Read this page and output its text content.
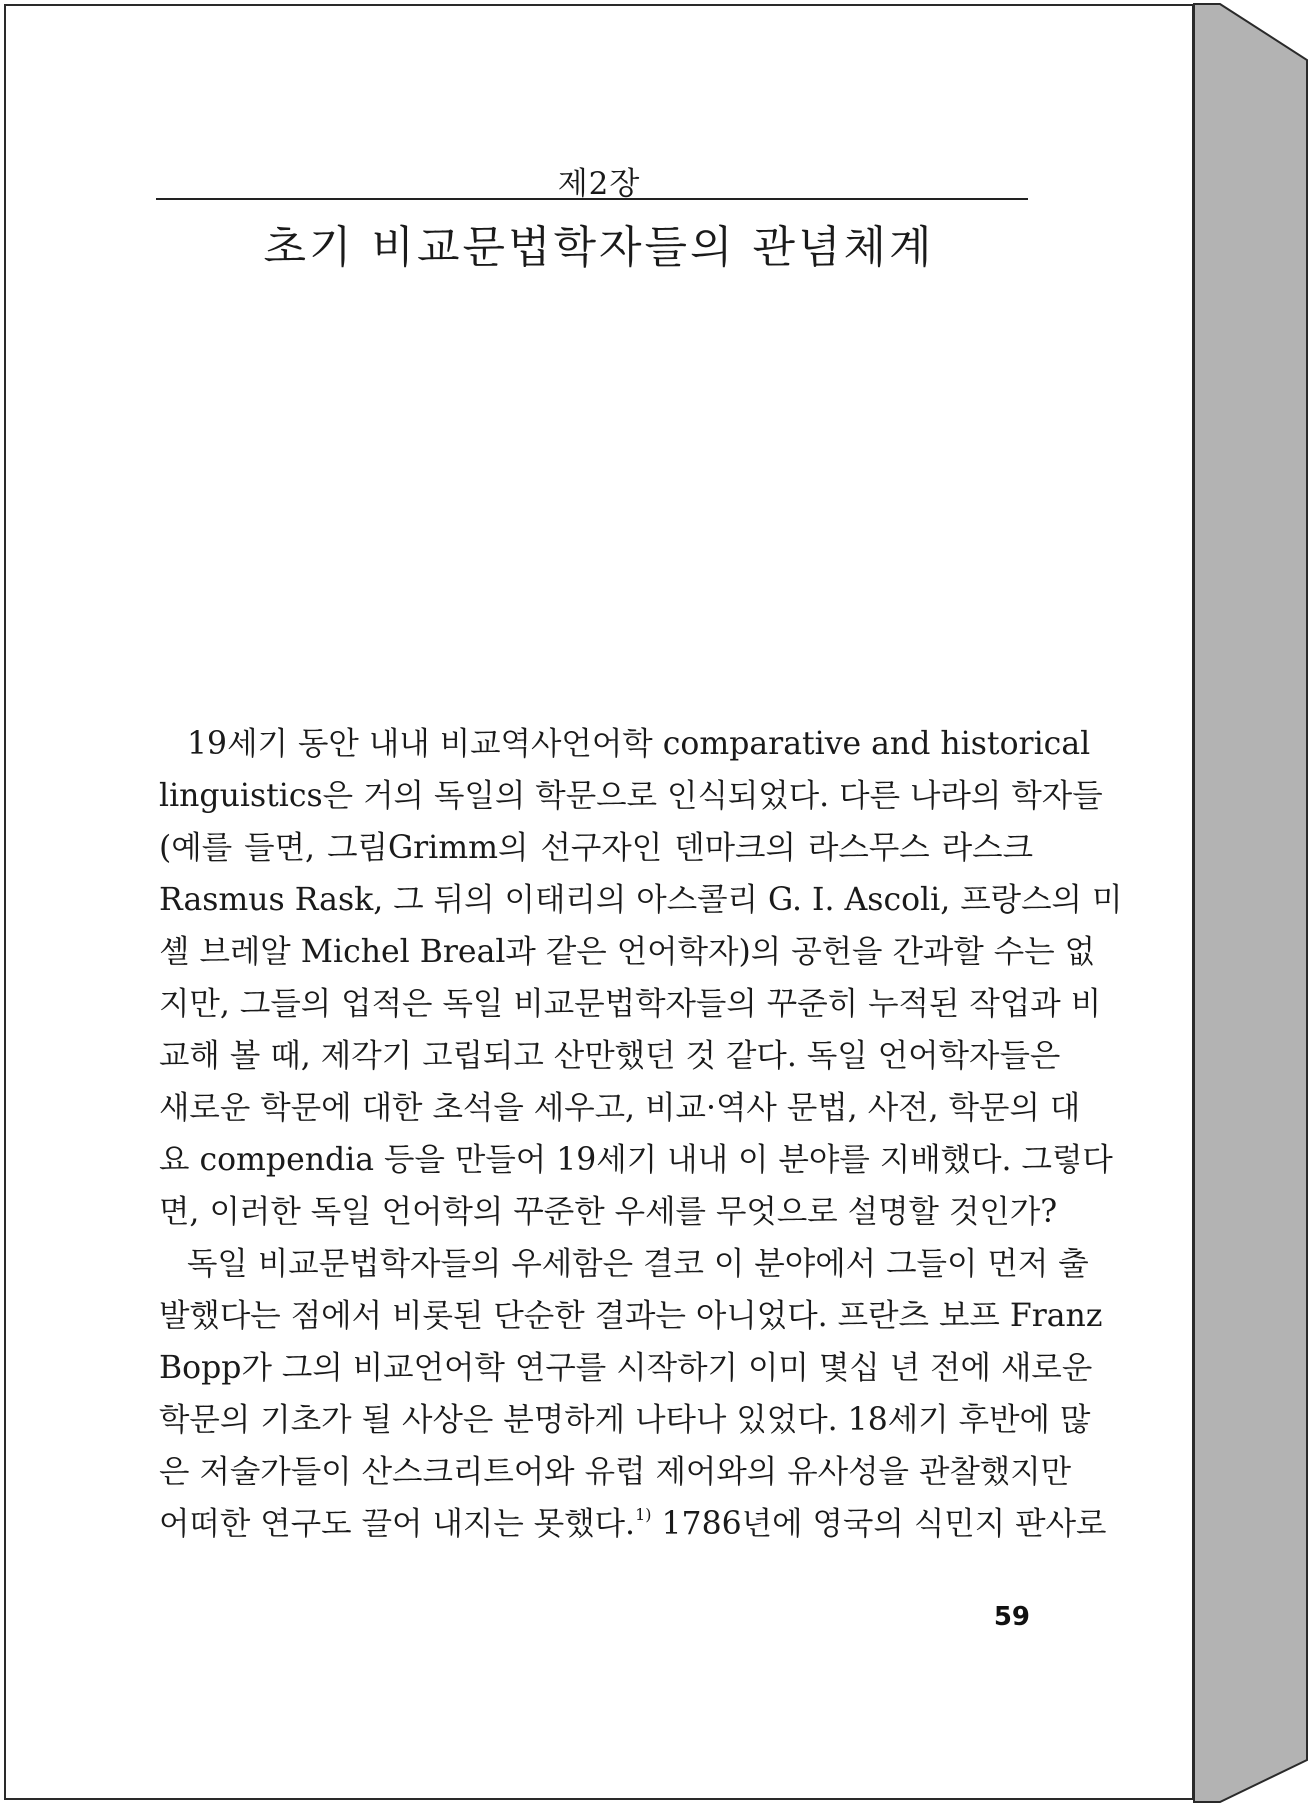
제2장
초기 비교문법학자들의 관념체계
19세기 동안 내내 비교역사언어학 comparative and historical
linguistics은 거의 독일의 학문으로 인식되었다. 다른 나라의 학자들
(예를 들면, 그림Grimm의 선구자인 덴마크의 라스무스 라스크
Rasmus Rask, 그 뒤의 이태리의 아스콜리 G. I. Ascoli, 프랑스의 미
셸 브레알 Michel Breal과 같은 언어학자)의 공헌을 간과할 수는 없
지만, 그들의 업적은 독일 비교문법학자들의 꾸준히 누적된 작업과 비
교해 볼 때, 제각기 고립되고 산만했던 것 같다. 독일 언어학자들은
새로운 학문에 대한 초석을 세우고, 비교·역사 문법, 사전, 학문의 대
요 compendia 등을 만들어 19세기 내내 이 분야를 지배했다. 그렇다
면, 이러한 독일 언어학의 꾸준한 우세를 무엇으로 설명할 것인가?
독일 비교문법학자들의 우세함은 결코 이 분야에서 그들이 먼저 출
발했다는 점에서 비롯된 단순한 결과는 아니었다. 프란츠 보프 Franz
Bopp가 그의 비교언어학 연구를 시작하기 이미 몇십 년 전에 새로운
학문의 기초가 될 사상은 분명하게 나타나 있었다. 18세기 후반에 많
은 저술가들이 산스크리트어와 유럽 제어와의 유사성을 관찰했지만
어떠한 연구도 끌어 내지는 못했다.$^{1)}$ 1786년에 영국의 식민지 판사로
59
